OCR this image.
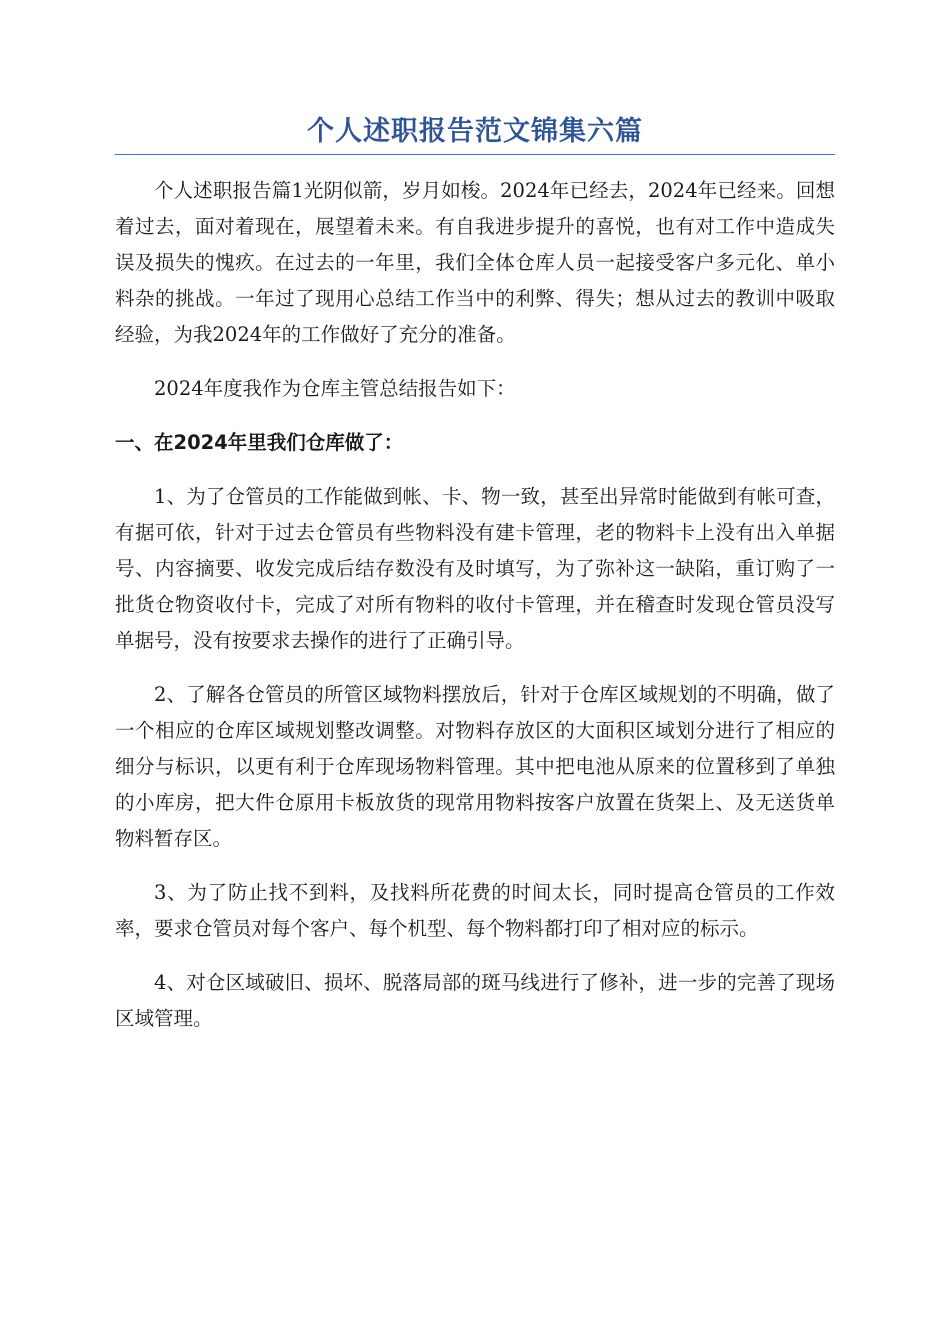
个人述职报告范文锦集六篇

个人述职报告篇1光阴似箭，岁月如梭。2024年已经去，2024年已经来。回想着过去，面对着现在，展望着未来。有自我进步提升的喜悦，也有对工作中造成失误及损失的愧疚。在过去的一年里，我们全体仓库人员一起接受客户多元化、单小料杂的挑战。一年过了现用心总结工作当中的利弊、得失；想从过去的教训中吸取经验，为我2024年的工作做好了充分的准备。

2024年度我作为仓库主管总结报告如下：

一、在2024年里我们仓库做了：

1、为了仓管员的工作能做到帐、卡、物一致，甚至出异常时能做到有帐可查，有据可依，针对于过去仓管员有些物料没有建卡管理，老的物料卡上没有出入单据号、内容摘要、收发完成后结存数没有及时填写，为了弥补这一缺陷，重订购了一批货仓物资收付卡，完成了对所有物料的收付卡管理，并在稽查时发现仓管员没写单据号，没有按要求去操作的进行了正确引导。

2、了解各仓管员的所管区域物料摆放后，针对于仓库区域规划的不明确，做了一个相应的仓库区域规划整改调整。对物料存放区的大面积区域划分进行了相应的细分与标识，以更有利于仓库现场物料管理。其中把电池从原来的位置移到了单独的小库房，把大件仓原用卡板放货的现常用物料按客户放置在货架上、及无送货单物料暂存区。

3、为了防止找不到料，及找料所花费的时间太长，同时提高仓管员的工作效率，要求仓管员对每个客户、每个机型、每个物料都打印了相对应的标示。

4、对仓区域破旧、损坏、脱落局部的斑马线进行了修补，进一步的完善了现场区域管理。
